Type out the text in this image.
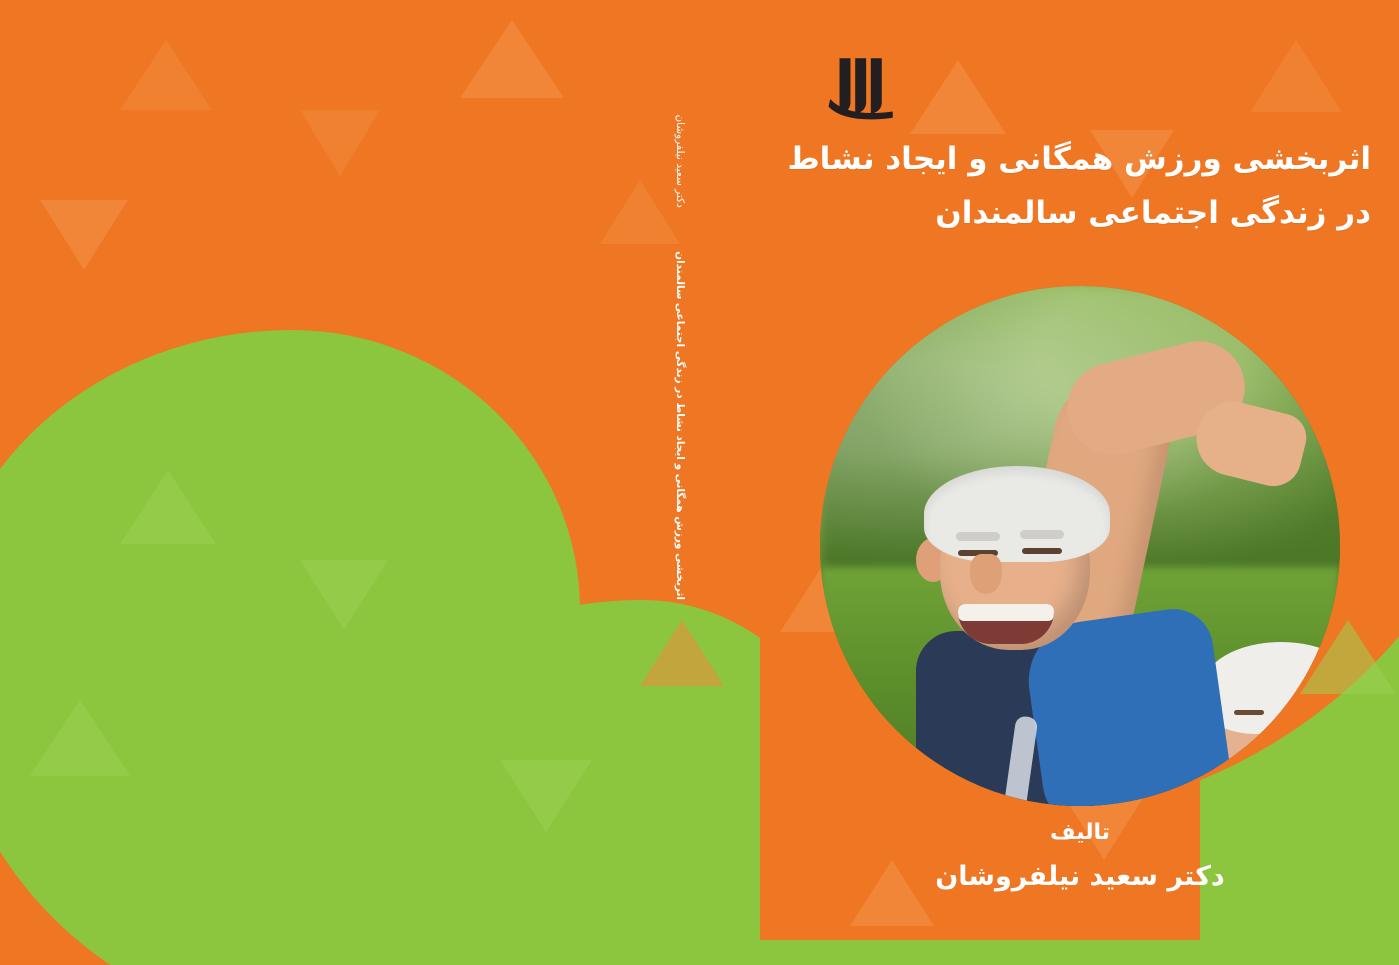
اثربخشی ورزش همگانی و ایجاد نشاط در زندگی اجتماعی سالمندان دکتر سعید نیلفروشان	اثربخشی ورزش همگانی و ایجاد نشاط
در زندگی اجتماعی سالمندان
تالیف
دکتر سعید نیلفروشان
